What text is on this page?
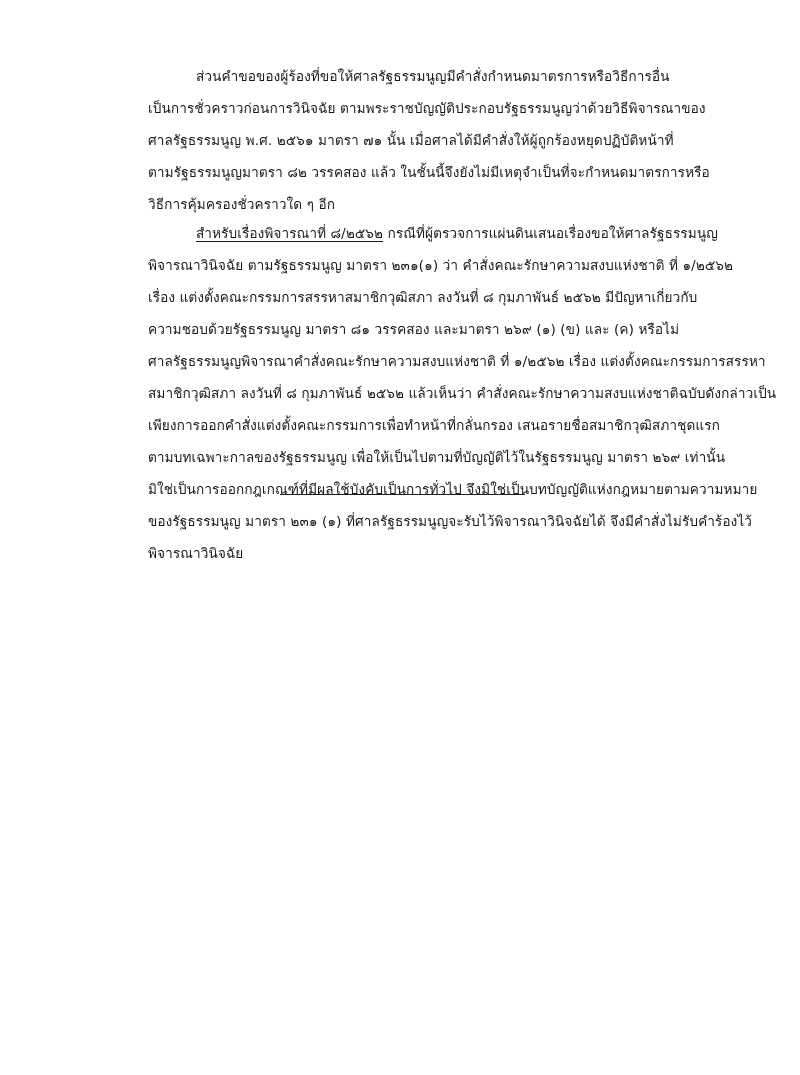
ส่วนคำขอของผู้ร้องที่ขอให้ศาลรัฐธรรมนูญมีคำสั่งกำหนดมาตรการหรือวิธีการอื่น
เป็นการชั่วคราวก่อนการวินิจฉัย ตามพระราชบัญญัติประกอบรัฐธรรมนูญว่าด้วยวิธีพิจารณาของ
ศาลรัฐธรรมนูญ พ.ศ. ๒๕๖๑ มาตรา ๗๑ นั้น เมื่อศาลได้มีคำสั่งให้ผู้ถูกร้องหยุดปฏิบัติหน้าที่
ตามรัฐธรรมนูญมาตรา ๘๒ วรรคสอง แล้ว ในชั้นนี้จึงยังไม่มีเหตุจำเป็นที่จะกำหนดมาตรการหรือ
วิธีการคุ้มครองชั่วคราวใด ๆ อีก
สำหรับเรื่องพิจารณาที่ ๘/๒๕๖๒ กรณีที่ผู้ตรวจการแผ่นดินเสนอเรื่องขอให้ศาลรัฐธรรมนูญ
พิจารณาวินิจฉัย ตามรัฐธรรมนูญ มาตรา ๒๓๑(๑) ว่า คำสั่งคณะรักษาความสงบแห่งชาติ ที่ ๑/๒๕๖๒
เรื่อง แต่งตั้งคณะกรรมการสรรหาสมาชิกวุฒิสภา ลงวันที่ ๘ กุมภาพันธ์ ๒๕๖๒ มีปัญหาเกี่ยวกับ
ความชอบด้วยรัฐธรรมนูญ มาตรา ๘๑ วรรคสอง และมาตรา ๒๖๙ (๑) (ข) และ (ค) หรือไม่
ศาลรัฐธรรมนูญพิจารณาคำสั่งคณะรักษาความสงบแห่งชาติ ที่ ๑/๒๕๖๒ เรื่อง แต่งตั้งคณะกรรมการสรรหา
สมาชิกวุฒิสภา ลงวันที่ ๘ กุมภาพันธ์ ๒๕๖๒ แล้วเห็นว่า คำสั่งคณะรักษาความสงบแห่งชาติฉบับดังกล่าวเป็น
เพียงการออกคำสั่งแต่งตั้งคณะกรรมการเพื่อทำหน้าที่กลั่นกรอง เสนอรายชื่อสมาชิกวุฒิสภาชุดแรก
ตามบทเฉพาะกาลของรัฐธรรมนูญ เพื่อให้เป็นไปตามที่บัญญัติไว้ในรัฐธรรมนูญ มาตรา ๒๖๙ เท่านั้น
มิใช่เป็นการออกกฎเกณฑ์ที่มีผลใช้บังคับเป็นการทั่วไป จึงมิใช่เป็นบทบัญญัติแห่งกฎหมายตามความหมาย
ของรัฐธรรมนูญ มาตรา ๒๓๑ (๑) ที่ศาลรัฐธรรมนูญจะรับไว้พิจารณาวินิจฉัยได้ จึงมีคำสั่งไม่รับคำร้องไว้
พิจารณาวินิจฉัย
